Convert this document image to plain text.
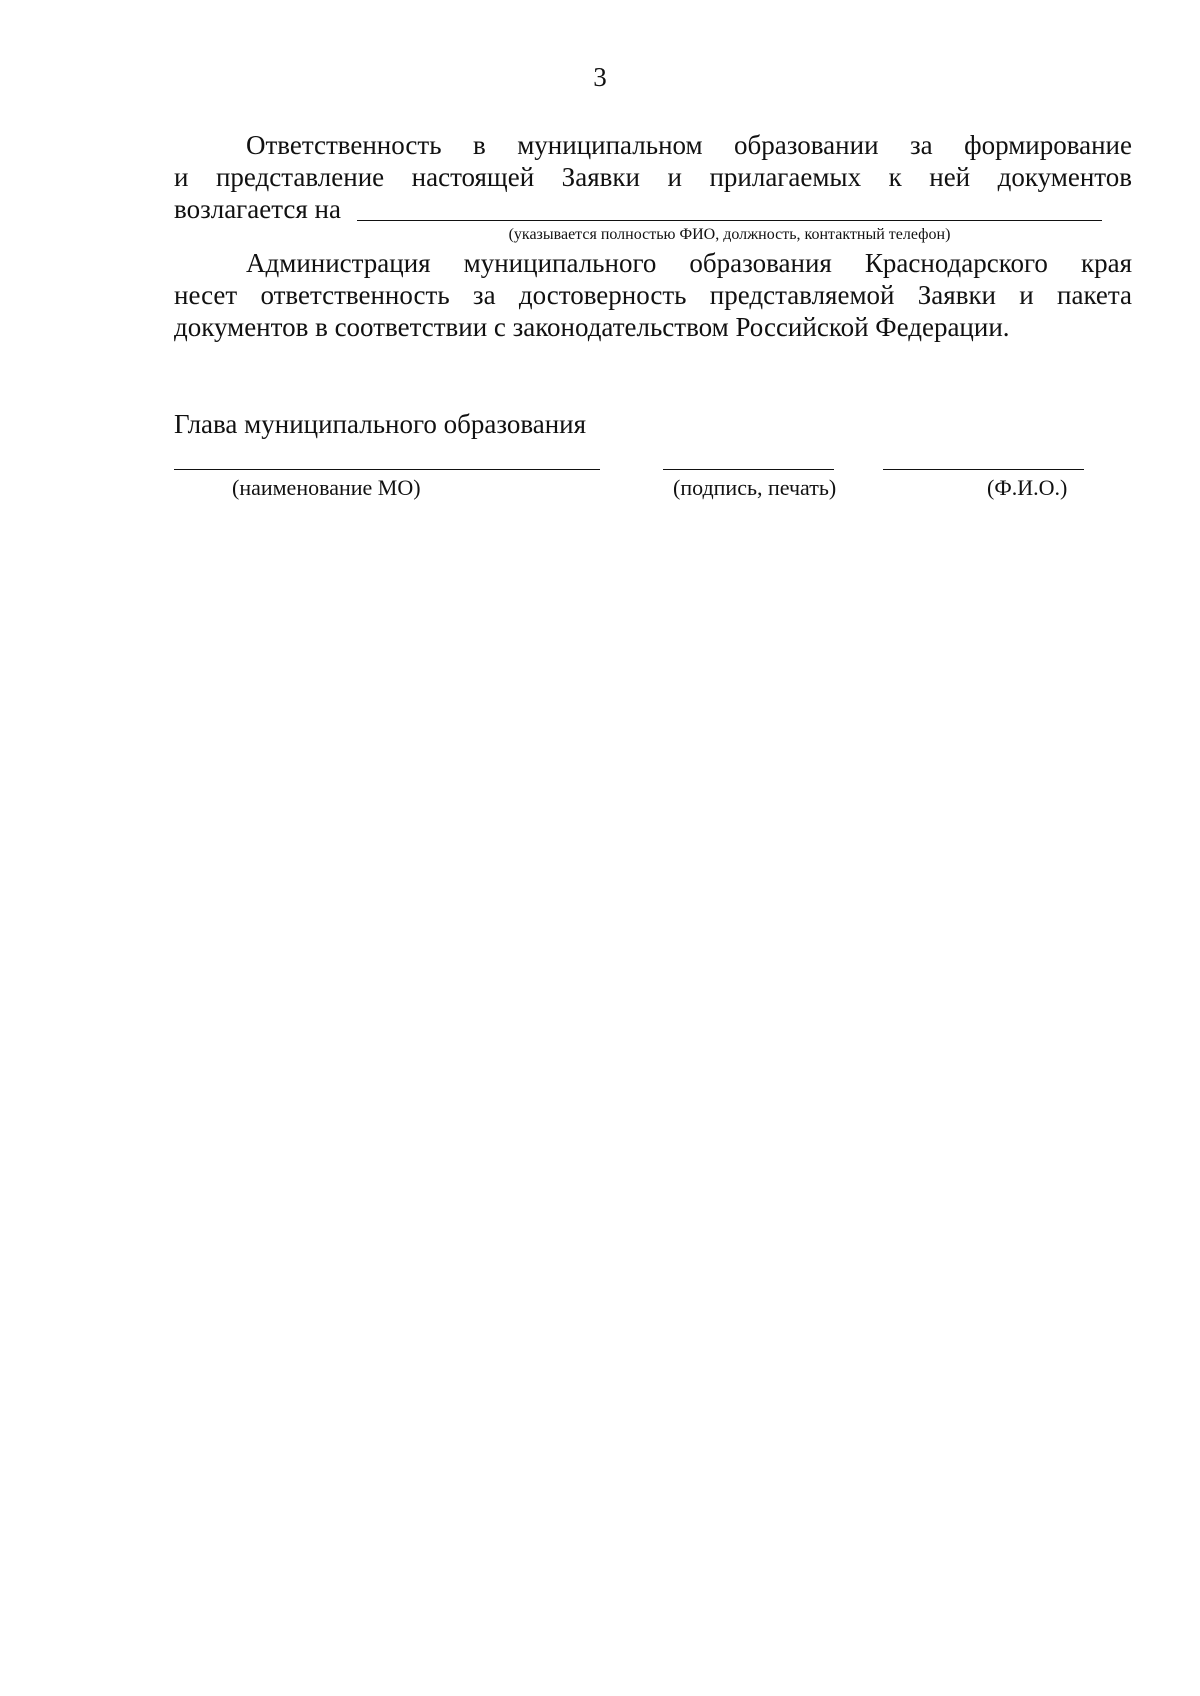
3
Ответственность в муниципальном образовании за формирование
и представление настоящей Заявки и прилагаемых к ней документов
возлагается на
(указывается полностью ФИО, должность, контактный телефон)
Администрация муниципального образования Краснодарского края
несет ответственность за достоверность представляемой Заявки и пакета
документов в соответствии с законодательством Российской Федерации.
Глава муниципального образования
(наименование МО)	(подпись, печать)	(Ф.И.О.)
